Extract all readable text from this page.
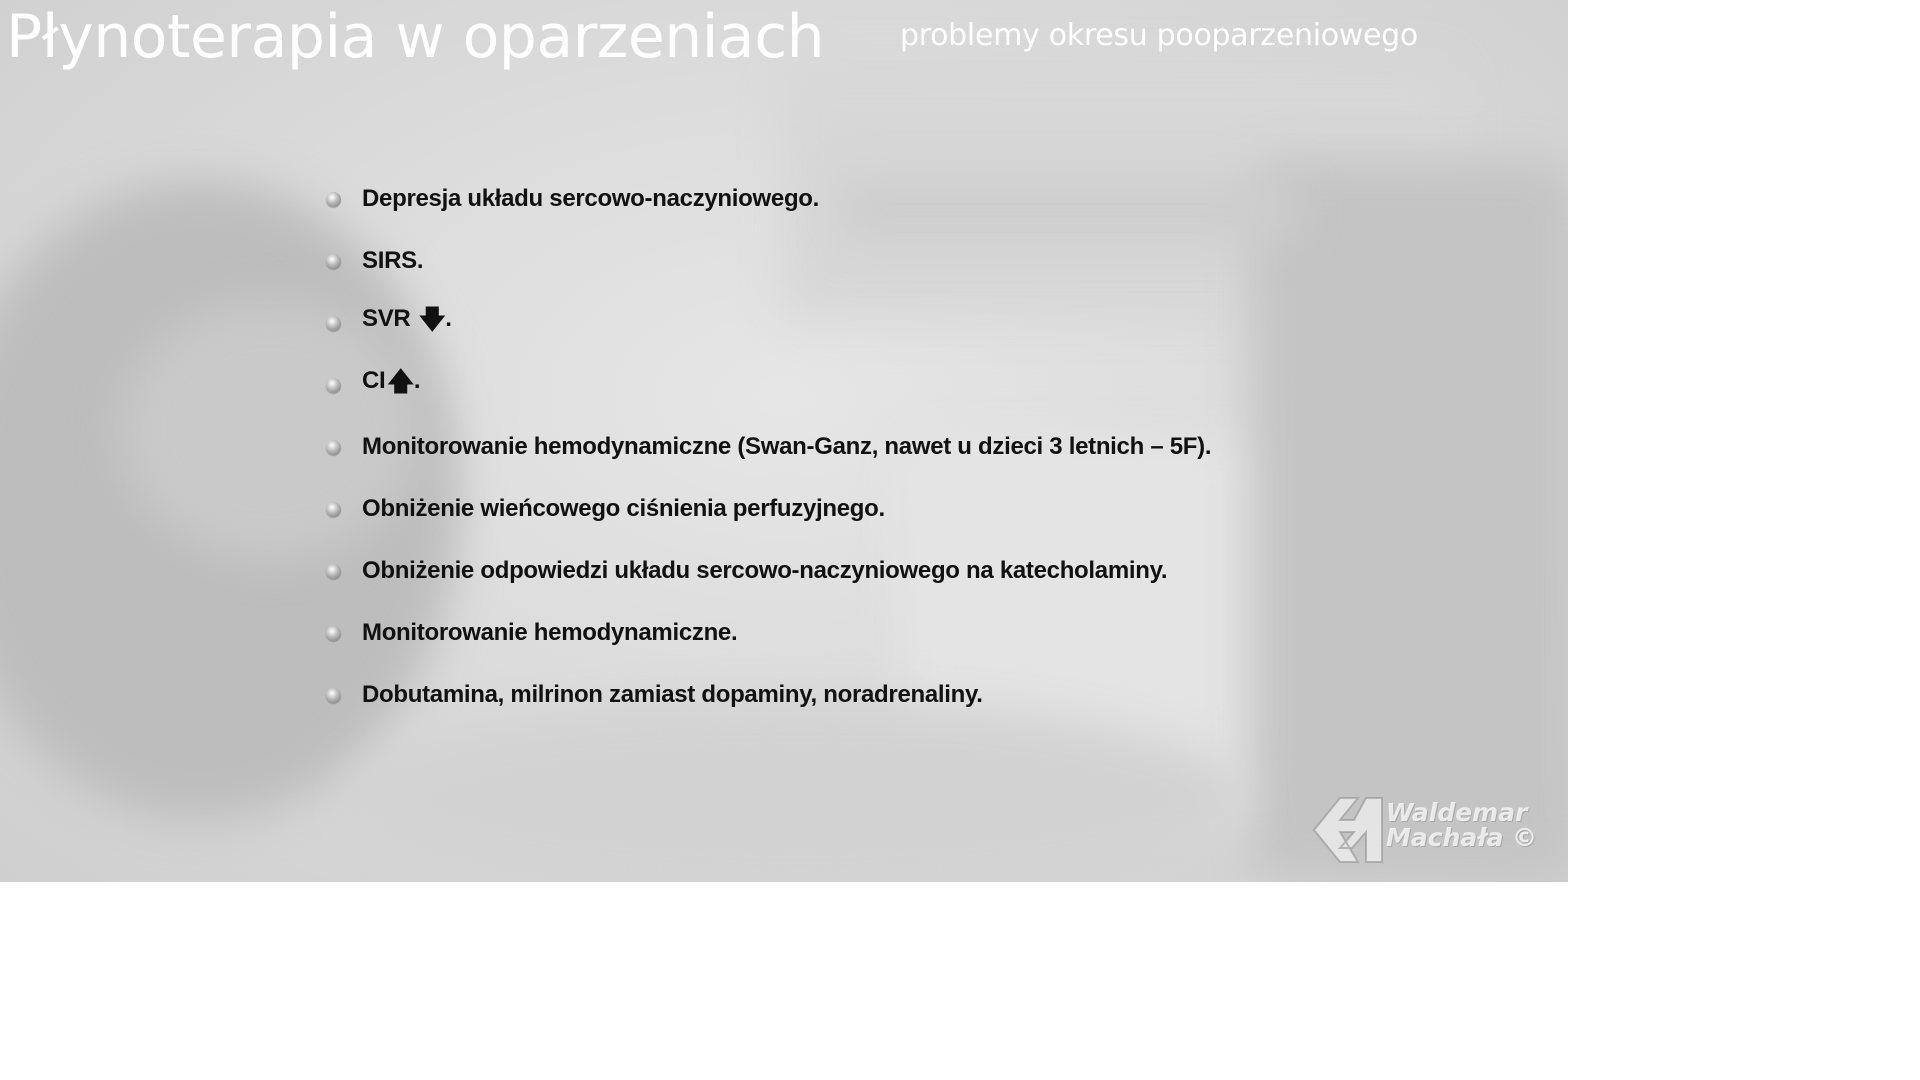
Płynoterapia w oparzeniach	problemy okresu pooparzeniowego
Depresja układu sercowo-naczyniowego.
SIRS.
SVR 🡇.
CI🡅.
Monitorowanie hemodynamiczne (Swan-Ganz, nawet u dzieci 3 letnich – 5F).
Obniżenie wieńcowego ciśnienia perfuzyjnego.
Obniżenie odpowiedzi układu sercowo-naczyniowego na katecholaminy.
Monitorowanie hemodynamiczne.
Dobutamina, milrinon zamiast dopaminy, noradrenaliny.
Waldemar
Machała ©
